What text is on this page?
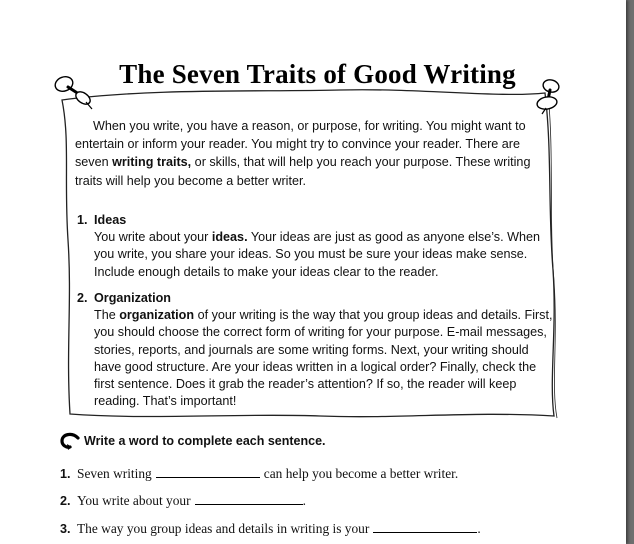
The Seven Traits of Good Writing
When you write, you have a reason, or purpose, for writing. You might want to entertain or inform your reader. You might try to convince your reader. There are seven writing traits, or skills, that will help you reach your purpose. These writing traits will help you become a better writer.
1. Ideas
You write about your ideas. Your ideas are just as good as anyone else’s. When you write, you share your ideas. So you must be sure your ideas make sense. Include enough details to make your ideas clear to the reader.
2. Organization
The organization of your writing is the way that you group ideas and details. First, you should choose the correct form of writing for your purpose. E-mail messages, stories, reports, and journals are some writing forms. Next, your writing should have good structure. Are your ideas written in a logical order? Finally, check the first sentence. Does it grab the reader’s attention? If so, the reader will keep reading. That’s important!
Write a word to complete each sentence.
1. Seven writing	can help you become a better writer.
2. You write about your	.
3. The way you group ideas and details in writing is your	.
